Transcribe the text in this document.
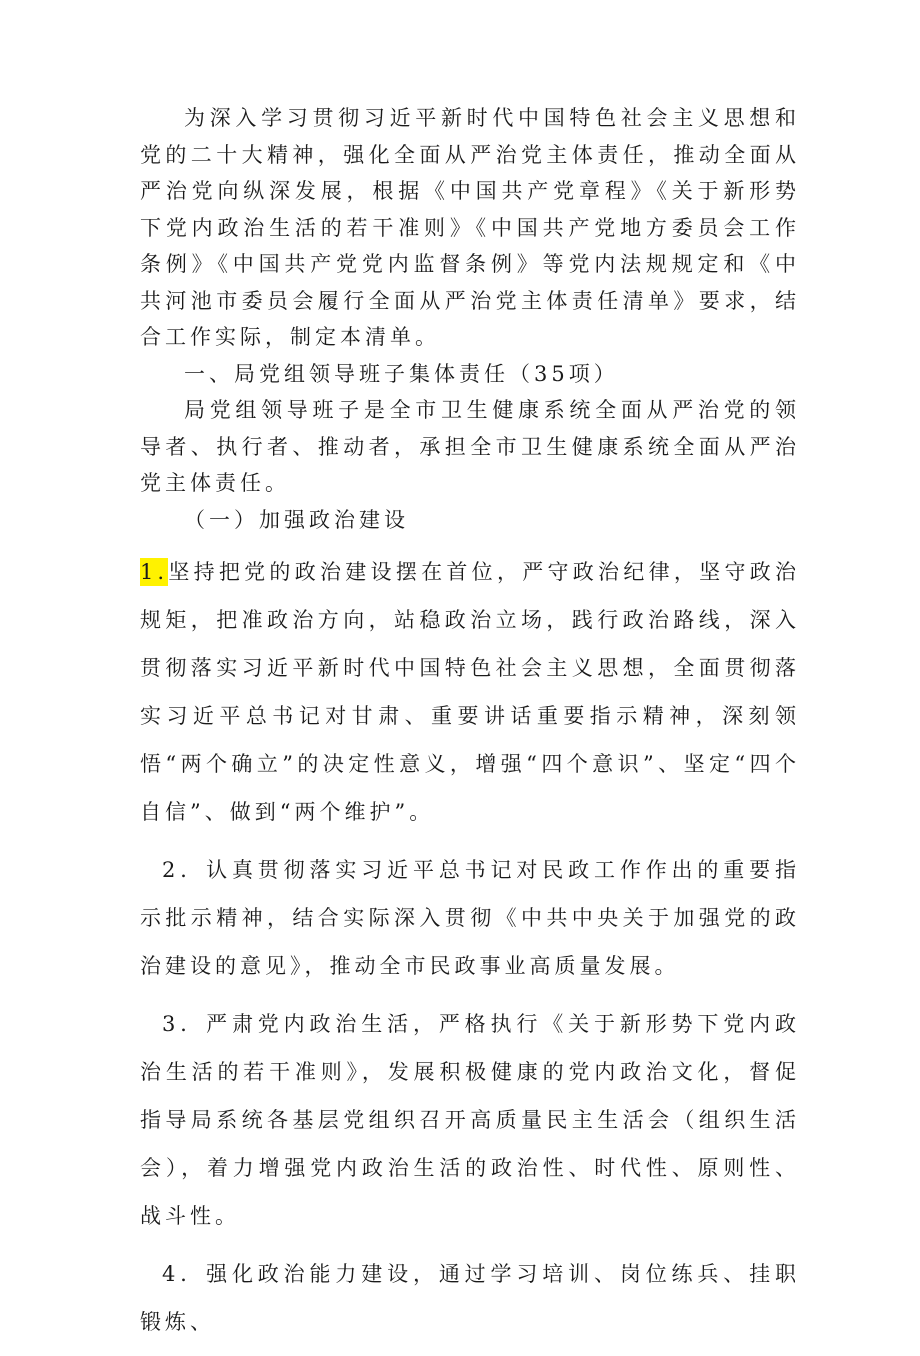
为深入学习贯彻习近平新时代中国特色社会主义思想和党的二十大精神，强化全面从严治党主体责任，推动全面从严治党向纵深发展，根据《中国共产党章程》《关于新形势下党内政治生活的若干准则》《中国共产党地方委员会工作条例》《中国共产党党内监督条例》等党内法规规定和《中共河池市委员会履行全面从严治党主体责任清单》要求，结合工作实际，制定本清单。

一、局党组领导班子集体责任（35项）

局党组领导班子是全市卫生健康系统全面从严治党的领导者、执行者、推动者，承担全市卫生健康系统全面从严治党主体责任。

（一）加强政治建设

1.坚持把党的政治建设摆在首位，严守政治纪律，坚守政治规矩，把准政治方向，站稳政治立场，践行政治路线，深入贯彻落实习近平新时代中国特色社会主义思想，全面贯彻落实习近平总书记对甘肃、重要讲话重要指示精神，深刻领悟“两个确立”的决定性意义，增强“四个意识”、坚定“四个自信”、做到“两个维护”。

2．认真贯彻落实习近平总书记对民政工作作出的重要指示批示精神，结合实际深入贯彻《中共中央关于加强党的政治建设的意见》，推动全市民政事业高质量发展。

3．严肃党内政治生活，严格执行《关于新形势下党内政治生活的若干准则》，发展积极健康的党内政治文化，督促指导局系统各基层党组织召开高质量民主生活会（组织生活会），着力增强党内政治生活的政治性、时代性、原则性、战斗性。

4．强化政治能力建设，通过学习培训、岗位练兵、挂职锻炼、
